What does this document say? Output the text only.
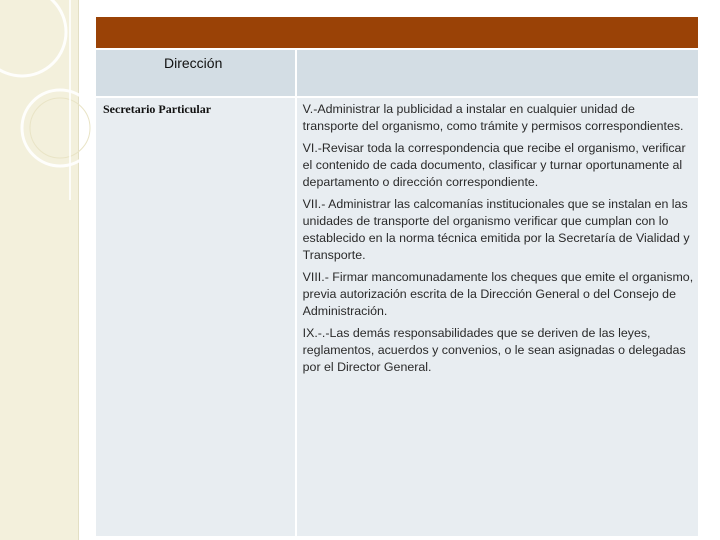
Dirección	

Secretario Particular	V.-Administrar la publicidad a instalar en cualquier unidad de transporte del organismo, como trámite y permisos correspondientes.

VI.-Revisar toda la correspondencia que recibe el organismo, verificar el contenido de cada documento, clasificar y turnar oportunamente al departamento o dirección correspondiente.

VII.- Administrar las calcomanías institucionales que se instalan en las unidades de transporte del organismo verificar que cumplan con lo establecido en la norma técnica emitida por la Secretaría de Vialidad y Transporte.

VIII.- Firmar mancomunadamente los cheques que emite el organismo, previa autorización escrita de la Dirección General o del Consejo de Administración.

IX.-.-Las demás responsabilidades que se deriven de las leyes, reglamentos, acuerdos y convenios, o le sean asignadas o delegadas por el Director General.
